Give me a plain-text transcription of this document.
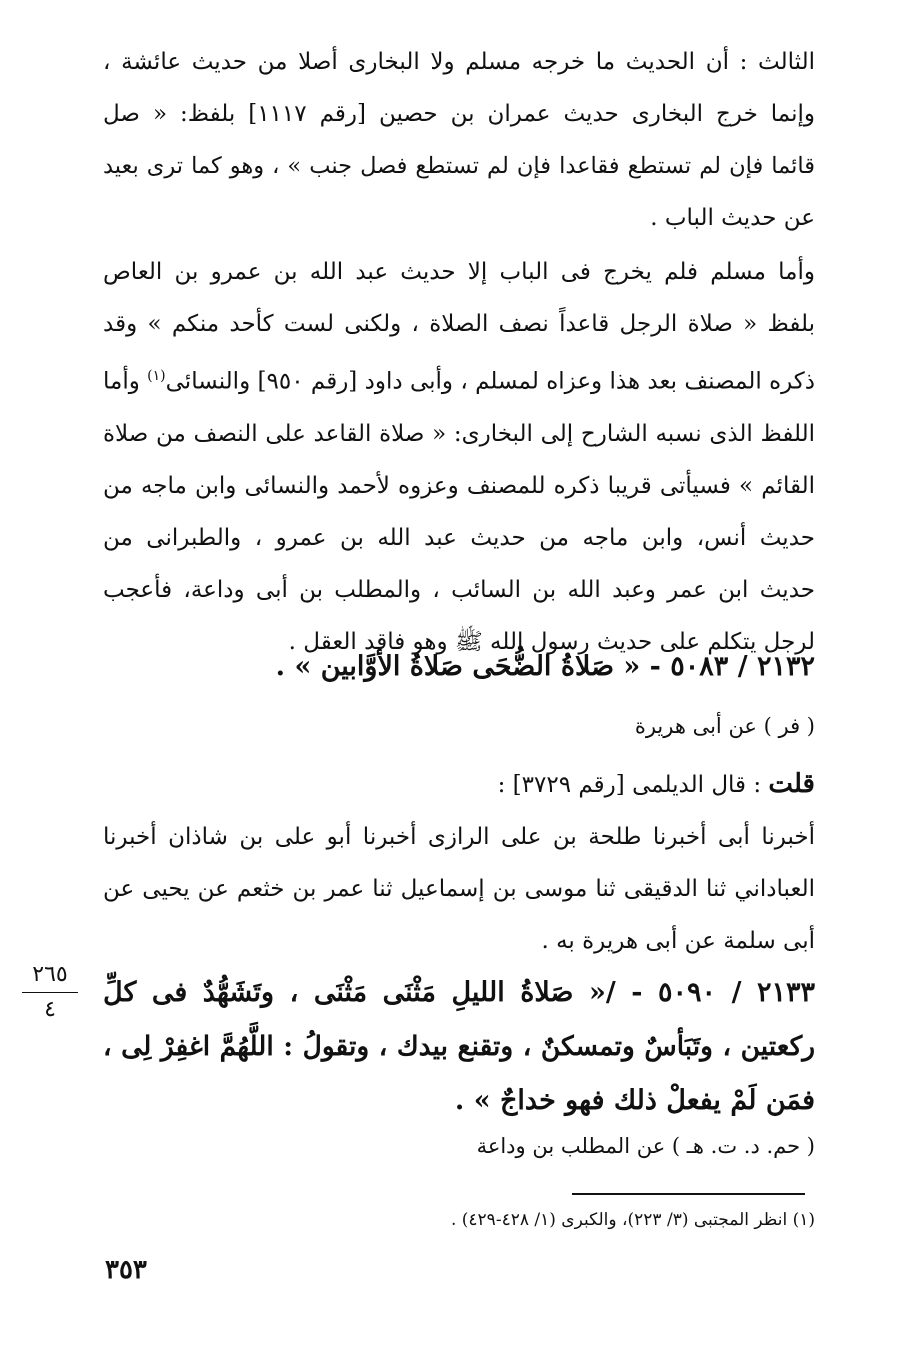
الثالث : أن الحديث ما خرجه مسلم ولا البخارى أصلا من حديث عائشة ،
وإنما خرج البخارى حديث عمران بن حصين [رقم ١١١٧] بلفظ: « صل
قائما فإن لم تستطع فقاعدا فإن لم تستطع فصل جنب » ، وهو كما ترى بعيد
عن حديث الباب .
وأما مسلم فلم يخرج فى الباب إلا حديث عبد الله بن عمرو بن العاص
بلفظ « صلاة الرجل قاعداً نصف الصلاة ، ولكنى لست كأحد منكم » وقد
ذكره المصنف بعد هذا وعزاه لمسلم ، وأبى داود [رقم ٩٥٠] والنسائى$^{(١)}$ وأما
اللفظ الذى نسبه الشارح إلى البخارى: « صلاة القاعد على النصف من صلاة
القائم » فسيأتى قريبا ذكره للمصنف وعزوه لأحمد والنسائى وابن ماجه من
حديث أنس، وابن ماجه من حديث عبد الله بن عمرو ، والطبرانى من
حديث ابن عمر وعبد الله بن السائب ، والمطلب بن أبى وداعة، فأعجب
لرجل يتكلم على حديث رسول الله ﷺ وهو فاقد العقل .
٢١٣٢ / ٥٠٨٣ - « صَلاةُ الضُّحَى صَلاةُ الأوَّابين » .
( فر ) عن أبى هريرة
قلت : قال الديلمى [رقم ٣٧٢٩] :
أخبرنا أبى أخبرنا طلحة بن على الرازى أخبرنا أبو على بن شاذان أخبرنا
العباداني ثنا الدقيقى ثنا موسى بن إسماعيل ثنا عمر بن خثعم عن يحيى عن
أبى سلمة عن أبى هريرة به .
٢١٣٣ / ٥٠٩٠ - /« صَلاةُ الليلِ مَثْنَى مَثْنَى ، وتَشَهُّدٌ فى كلِّ
ركعتين ، وتَبَأسٌ وتمسكنٌ ، وتقنع بيدك ، وتقولُ : اللَّهُمَّ اغفِرْ لِى ،
فمَن لَمْ يفعلْ ذلك فهو خداجٌ » .
( حم. د. ت. هـ ) عن المطلب بن وداعة
٢٦٥
٤
(١) انظر المجتبى (٣/ ٢٢٣)، والكبرى (١/ ٤٢٨-٤٢٩) .
٣٥٣
